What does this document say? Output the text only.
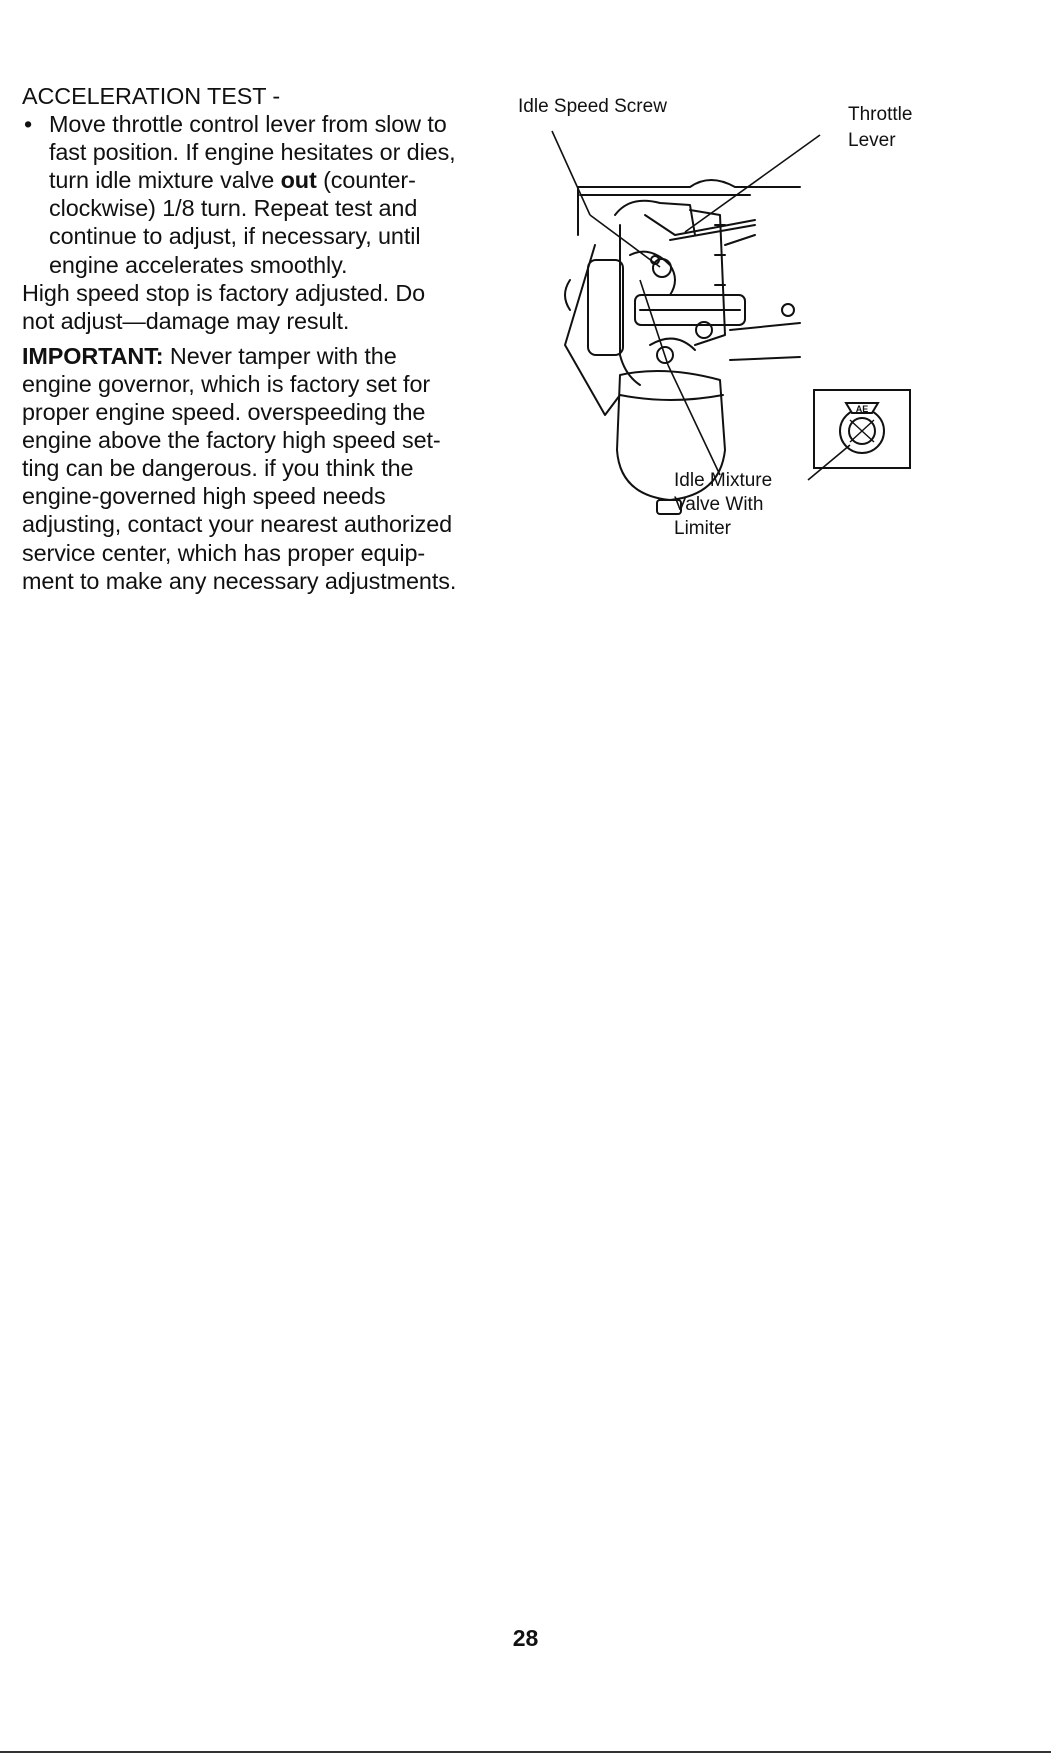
ACCELERATION TEST -

• Move throttle control lever from slow to
fast position. If engine hesitates or dies,
turn idle mixture valve out (counter-
clockwise) 1/8 turn. Repeat test and
continue to adjust, if necessary, until
engine accelerates smoothly.

High speed stop is factory adjusted. Do
not adjust—damage may result.

IMPORTANT: Never tamper with the
engine governor, which is factory set for
proper engine speed. overspeeding the
engine above the factory high speed set-
ting can be dangerous. if you think the
engine-governed high speed needs
adjusting, contact your nearest authorized
service center, which has proper equip-
ment to make any necessary adjustments.

AE
Idle Speed Screw	Throttle
Lever
Idle Mixture
Valve With
Limiter
28
